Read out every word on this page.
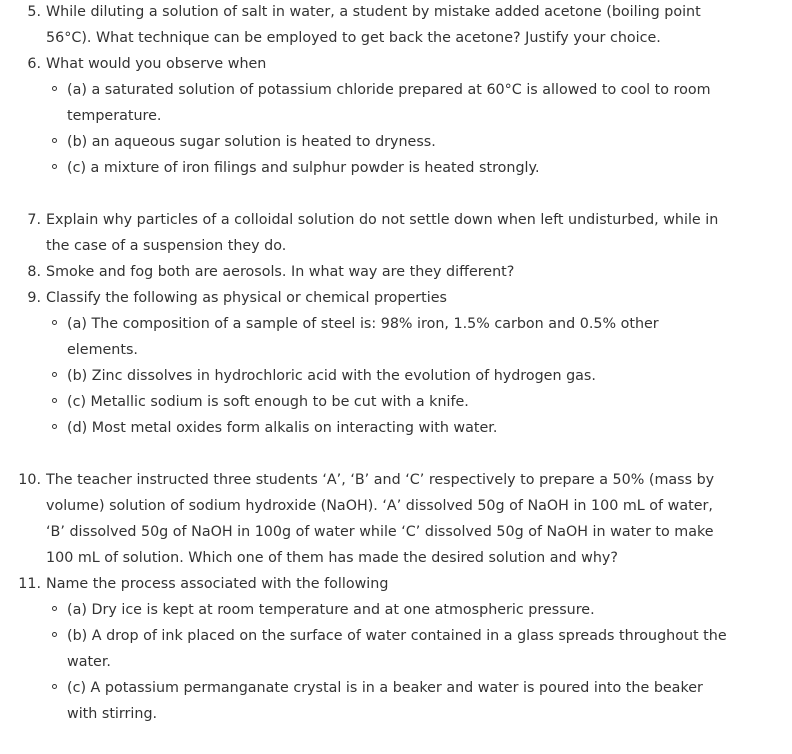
5. While diluting a solution of salt in water, a student by mistake added acetone (boiling point 56°C). What technique can be employed to get back the acetone? Justify your choice.
6. What would you observe when
(a) a saturated solution of potassium chloride prepared at 60°C is allowed to cool to room temperature.
(b) an aqueous sugar solution is heated to dryness.
(c) a mixture of iron filings and sulphur powder is heated strongly.
7. Explain why particles of a colloidal solution do not settle down when left undisturbed, while in the case of a suspension they do.
8. Smoke and fog both are aerosols. In what way are they different?
9. Classify the following as physical or chemical properties
(a) The composition of a sample of steel is: 98% iron, 1.5% carbon and 0.5% other elements.
(b) Zinc dissolves in hydrochloric acid with the evolution of hydrogen gas.
(c) Metallic sodium is soft enough to be cut with a knife.
(d) Most metal oxides form alkalis on interacting with water.
10. The teacher instructed three students ‘A’, ‘B’ and ‘C’ respectively to prepare a 50% (mass by volume) solution of sodium hydroxide (NaOH). ‘A’ dissolved 50g of NaOH in 100 mL of water, ‘B’ dissolved 50g of NaOH in 100g of water while ‘C’ dissolved 50g of NaOH in water to make 100 mL of solution. Which one of them has made the desired solution and why?
11. Name the process associated with the following
(a) Dry ice is kept at room temperature and at one atmospheric pressure.
(b) A drop of ink placed on the surface of water contained in a glass spreads throughout the water.
(c) A potassium permanganate crystal is in a beaker and water is poured into the beaker with stirring.
